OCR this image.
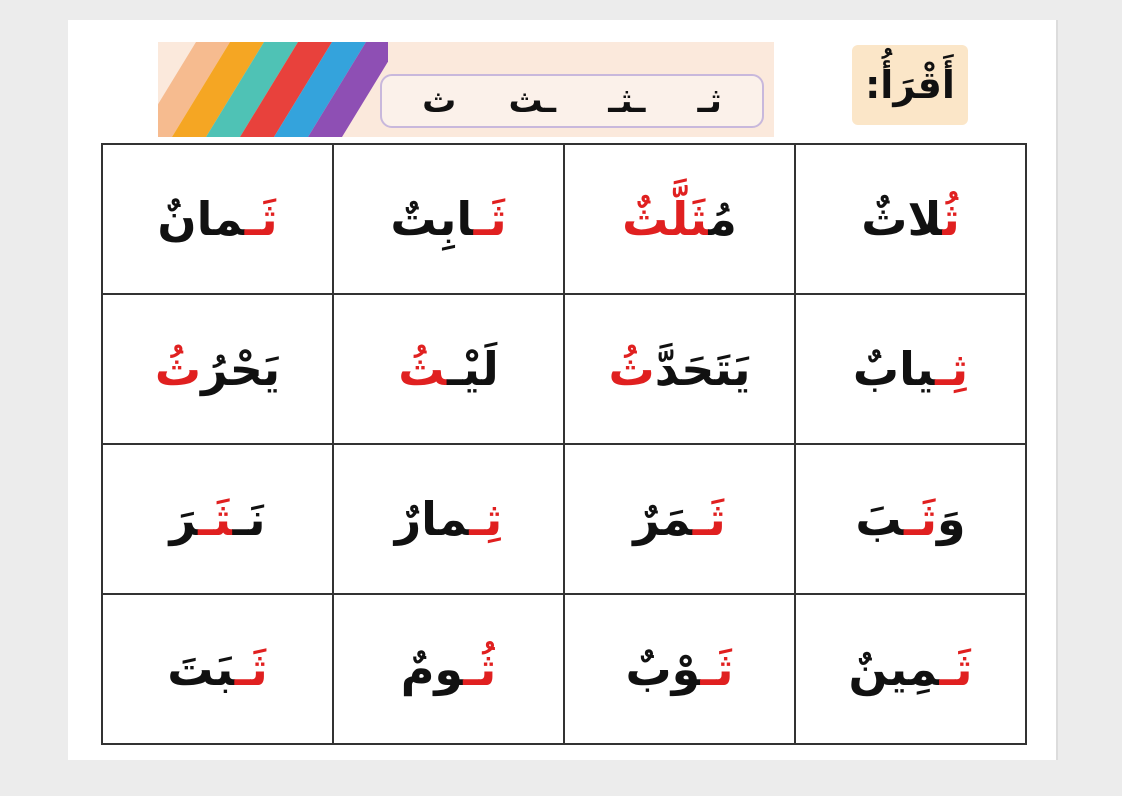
ثـ
ـثـ
ـث
ث	أَقْرَأُ:
ثُلاثٌ	مُثَلَّثٌ	ثَـابِتٌ	ثَـمانٌ
ثِـيابٌ	يَتَحَدَّثُ	لَيْـثُ	يَحْرُثُ
وَثَـبَ	ثَـمَرٌ	ثِـمارٌ	نَـثَـرَ
ثَـمِينٌ	ثَـوْبٌ	ثُـومٌ	ثَـبَتَ
